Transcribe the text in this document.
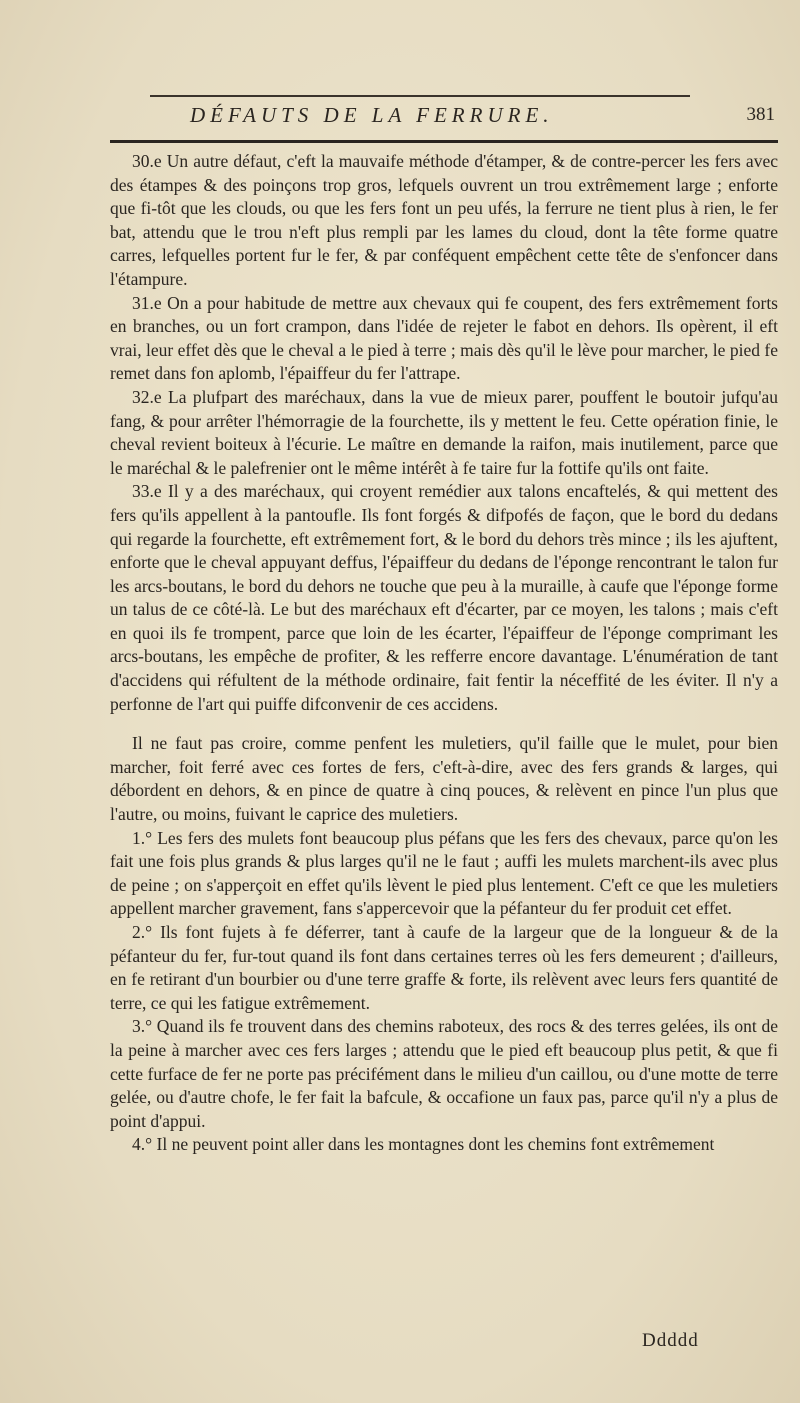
DÉFAUTS DE LA FERRURE.	381

30.e Un autre défaut, c'eft la mauvaife méthode d'étamper, & de contre-percer les fers avec des étampes & des poinçons trop gros, lefquels ouvrent un trou extrêmement large ; enforte que fi-tôt que les clouds, ou que les fers font un peu ufés, la ferrure ne tient plus à rien, le fer bat, attendu que le trou n'eft plus rempli par les lames du cloud, dont la tête forme quatre carres, lefquelles portent fur le fer, & par conféquent empêchent cette tête de s'enfoncer dans l'étampure.

31.e On a pour habitude de mettre aux chevaux qui fe coupent, des fers extrêmement forts en branches, ou un fort crampon, dans l'idée de rejeter le fabot en dehors. Ils opèrent, il eft vrai, leur effet dès que le cheval a le pied à terre ; mais dès qu'il le lève pour marcher, le pied fe remet dans fon aplomb, l'épaiffeur du fer l'attrape.

32.e La plufpart des maréchaux, dans la vue de mieux parer, pouffent le boutoir jufqu'au fang, & pour arrêter l'hémorragie de la fourchette, ils y mettent le feu. Cette opération finie, le cheval revient boiteux à l'écurie. Le maître en demande la raifon, mais inutilement, parce que le maréchal & le palefrenier ont le même intérêt à fe taire fur la fottife qu'ils ont faite.

33.e Il y a des maréchaux, qui croyent remédier aux talons encaftelés, & qui mettent des fers qu'ils appellent à la pantoufle. Ils font forgés & difpofés de façon, que le bord du dedans qui regarde la fourchette, eft extrêmement fort, & le bord du dehors très mince ; ils les ajuftent, enforte que le cheval appuyant deffus, l'épaiffeur du dedans de l'éponge rencontrant le talon fur les arcs-boutans, le bord du dehors ne touche que peu à la muraille, à caufe que l'éponge forme un talus de ce côté-là. Le but des maréchaux eft d'écarter, par ce moyen, les talons ; mais c'eft en quoi ils fe trompent, parce que loin de les écarter, l'épaiffeur de l'éponge comprimant les arcs-boutans, les empêche de profiter, & les refferre encore davantage. L'énumération de tant d'accidens qui réfultent de la méthode ordinaire, fait fentir la néceffité de les éviter. Il n'y a perfonne de l'art qui puiffe difconvenir de ces accidens.

Il ne faut pas croire, comme penfent les muletiers, qu'il faille que le mulet, pour bien marcher, foit ferré avec ces fortes de fers, c'eft-à-dire, avec des fers grands & larges, qui débordent en dehors, & en pince de quatre à cinq pouces, & relèvent en pince l'un plus que l'autre, ou moins, fuivant le caprice des muletiers.

1.° Les fers des mulets font beaucoup plus péfans que les fers des chevaux, parce qu'on les fait une fois plus grands & plus larges qu'il ne le faut ; auffi les mulets marchent-ils avec plus de peine ; on s'apperçoit en effet qu'ils lèvent le pied plus lentement. C'eft ce que les muletiers appellent marcher gravement, fans s'appercevoir que la péfanteur du fer produit cet effet.

2.° Ils font fujets à fe déferrer, tant à caufe de la largeur que de la longueur & de la péfanteur du fer, fur-tout quand ils font dans certaines terres où les fers demeurent ; d'ailleurs, en fe retirant d'un bourbier ou d'une terre graffe & forte, ils relèvent avec leurs fers quantité de terre, ce qui les fatigue extrêmement.

3.° Quand ils fe trouvent dans des chemins raboteux, des rocs & des terres gelées, ils ont de la peine à marcher avec ces fers larges ; attendu que le pied eft beaucoup plus petit, & que fi cette furface de fer ne porte pas précifément dans le milieu d'un caillou, ou d'une motte de terre gelée, ou d'autre chofe, le fer fait la bafcule, & occafione un faux pas, parce qu'il n'y a plus de point d'appui.

4.° Il ne peuvent point aller dans les montagnes dont les chemins font extrêmement

Ddddd
